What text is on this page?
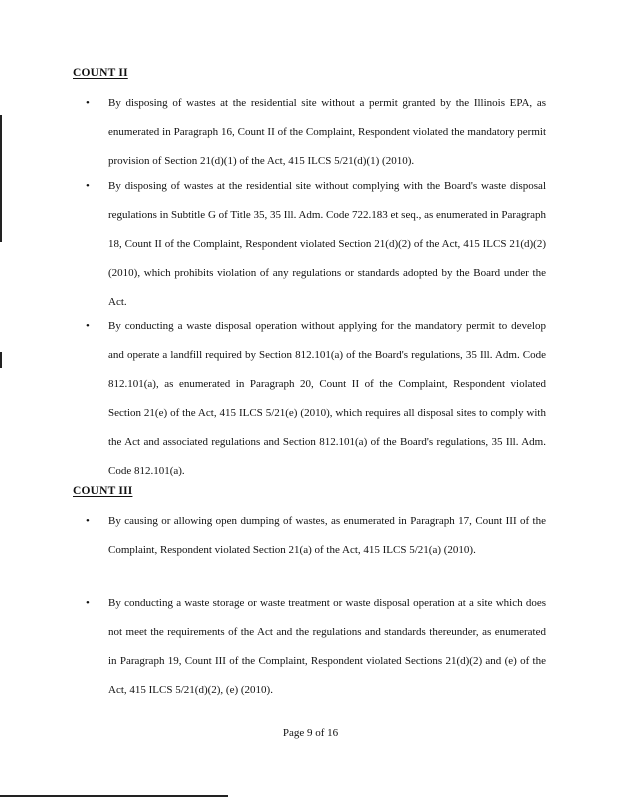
COUNT II
• By disposing of wastes at the residential site without a permit granted by the Illinois EPA, as enumerated in Paragraph 16, Count II of the Complaint, Respondent violated the mandatory permit provision of Section 21(d)(1) of the Act, 415 ILCS 5/21(d)(1) (2010).

• By disposing of wastes at the residential site without complying with the Board's waste disposal regulations in Subtitle G of Title 35, 35 Ill. Adm. Code 722.183 et seq., as enumerated in Paragraph 18, Count II of the Complaint, Respondent violated Section 21(d)(2) of the Act, 415 ILCS 21(d)(2) (2010), which prohibits violation of any regulations or standards adopted by the Board under the Act.

• By conducting a waste disposal operation without applying for the mandatory permit to develop and operate a landfill required by Section 812.101(a) of the Board's regulations, 35 Ill. Adm. Code 812.101(a), as enumerated in Paragraph 20, Count II of the Complaint, Respondent violated Section 21(e) of the Act, 415 ILCS 5/21(e) (2010), which requires all disposal sites to comply with the Act and associated regulations and Section 812.101(a) of the Board's regulations, 35 Ill. Adm. Code 812.101(a).

COUNT III
• By causing or allowing open dumping of wastes, as enumerated in Paragraph 17, Count III of the Complaint, Respondent violated Section 21(a) of the Act, 415 ILCS 5/21(a) (2010).

• By conducting a waste storage or waste treatment or waste disposal operation at a site which does not meet the requirements of the Act and the regulations and standards thereunder, as enumerated in Paragraph 19, Count III of the Complaint, Respondent violated Sections 21(d)(2) and (e) of the Act, 415 ILCS 5/21(d)(2), (e) (2010).

Page 9 of 16
